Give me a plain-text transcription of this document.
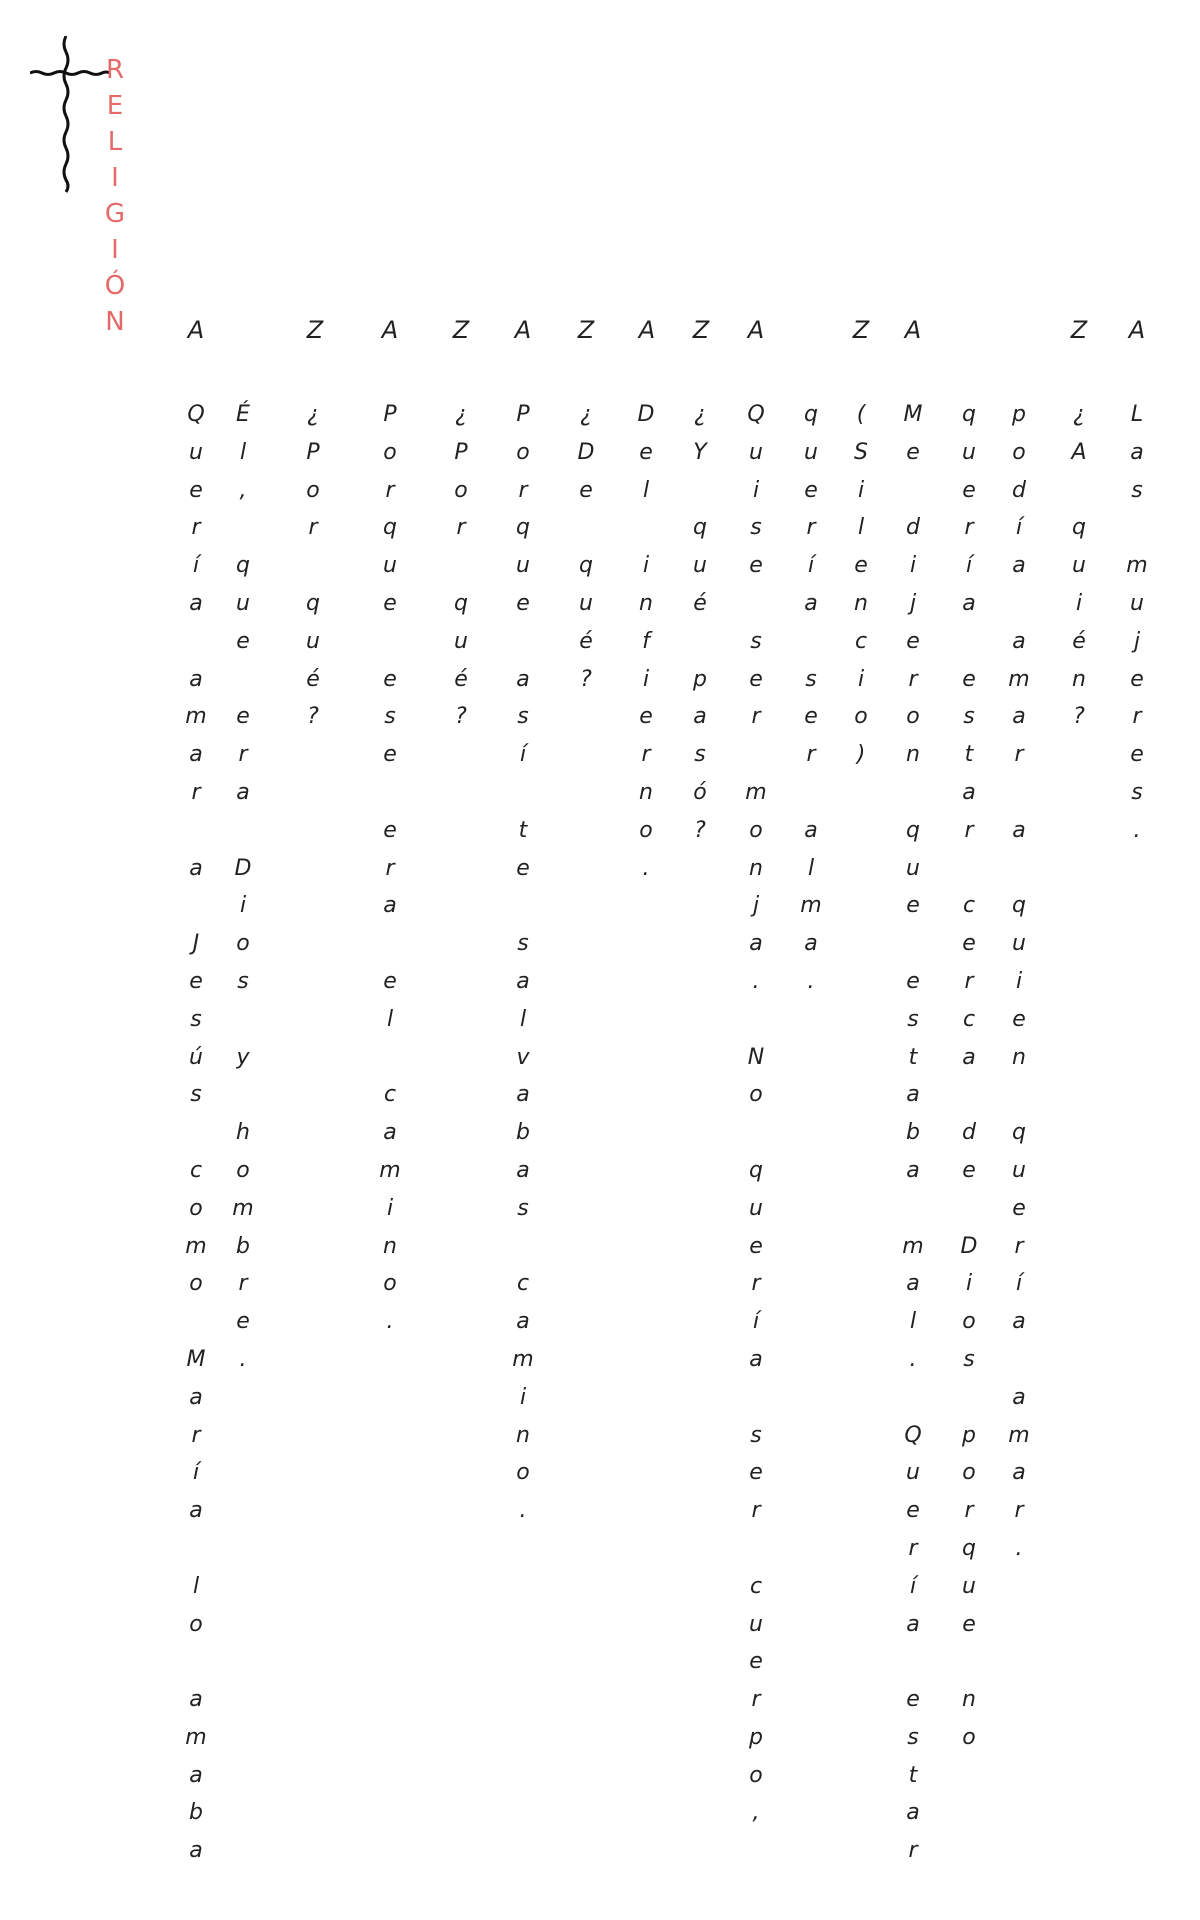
R
E
L
I
G
I
Ó
N	A	Z A Z A Z A Z A	Z A	Z A
Q
u
e
r
í
a

a
m
a
r

a

J
e
s
ú
s

c
o
m
o

M
a
r
í
a

l
o

a
m
a
b
a
É
l
,

q
u
e

e
r
a

D
i
o
s

y

h
o
m
b
r
e
.
¿
P
o
r

q
u
é
?
P
o
r
q
u
e

e
s
e

e
r
a

e
l

c
a
m
i
n
o
.
¿
P
o
r

q
u
é
?
P
o
r
q
u
e

a
s
í

t
e

s
a
l
v
a
b
a
s

c
a
m
i
n
o
.
¿
D
e

q
u
é
?
D
e
l

i
n
f
i
e
r
n
o
.
¿
Y

q
u
é

p
a
s
ó
?
Q
u
i
s
e

s
e
r

m
o
n
j
a
.

N
o

q
u
e
r
í
a

s
e
r

c
u
e
r
p
o
,
q
u
e
r
í
a

s
e
r

a
l
m
a
.
(
S
i
l
e
n
c
i
o
)
M
e

d
i
j
e
r
o
n

q
u
e

e
s
t
a
b
a

m
a
l
.

Q
u
e
r
í
a

e
s
t
a
r
q
u
e
r
í
a

e
s
t
a
r

c
e
r
c
a

d
e

D
i
o
s

p
o
r
q
u
e

n
o
p
o
d
í
a

a
m
a
r

a

q
u
i
e
n

q
u
e
r
í
a

a
m
a
r
.
¿
A

q
u
i
é
n
?
L
a
s

m
u
j
e
r
e
s
.
